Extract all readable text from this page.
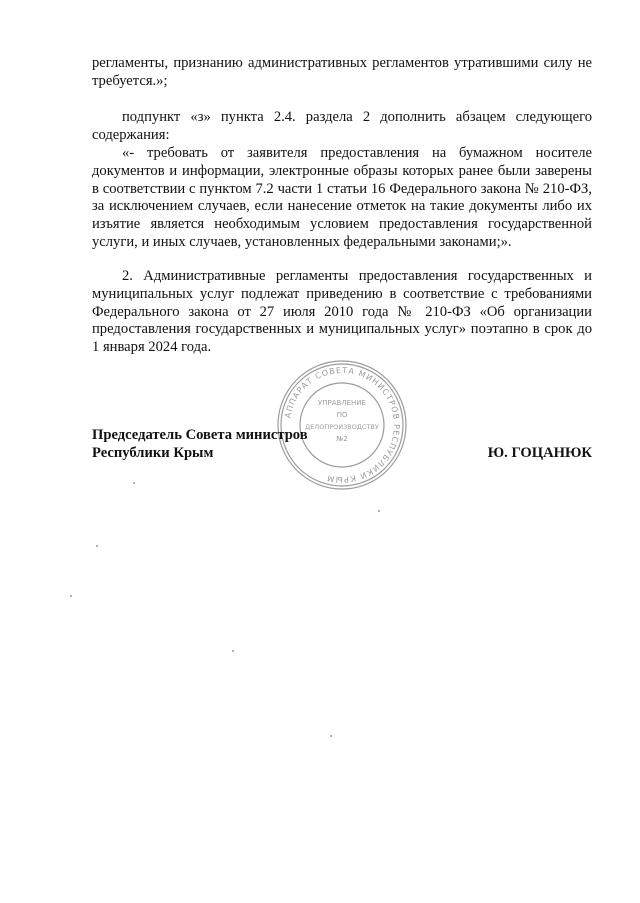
регламенты, признанию административных регламентов утратившими силу не требуется.»;

подпункт «з» пункта 2.4. раздела 2 дополнить абзацем следующего содержания:

«- требовать от заявителя предоставления на бумажном носителе документов и информации, электронные образы которых ранее были заверены в соответствии с пунктом 7.2 части 1 статьи 16 Федерального закона № 210-ФЗ, за исключением случаев, если нанесение отметок на такие документы либо их изъятие является необходимым условием предоставления государственной услуги, и иных случаев, установленных федеральными законами;».

2. Административные регламенты предоставления государственных и муниципальных услуг подлежат приведению в соответствие с требованиями Федерального закона от 27 июля 2010 года № 210-ФЗ «Об организации предоставления государственных и муниципальных услуг» поэтапно в срок до 1 января 2024 года.

АППАРАТ СОВЕТА МИНИСТРОВ РЕСПУБЛИКИ КРЫМ
УПРАВЛЕНИЕ
ПО
ДЕЛОПРОИЗВОДСТВУ
№2
Председатель Совета министров
Республики Крым	Ю. ГОЦАНЮК
